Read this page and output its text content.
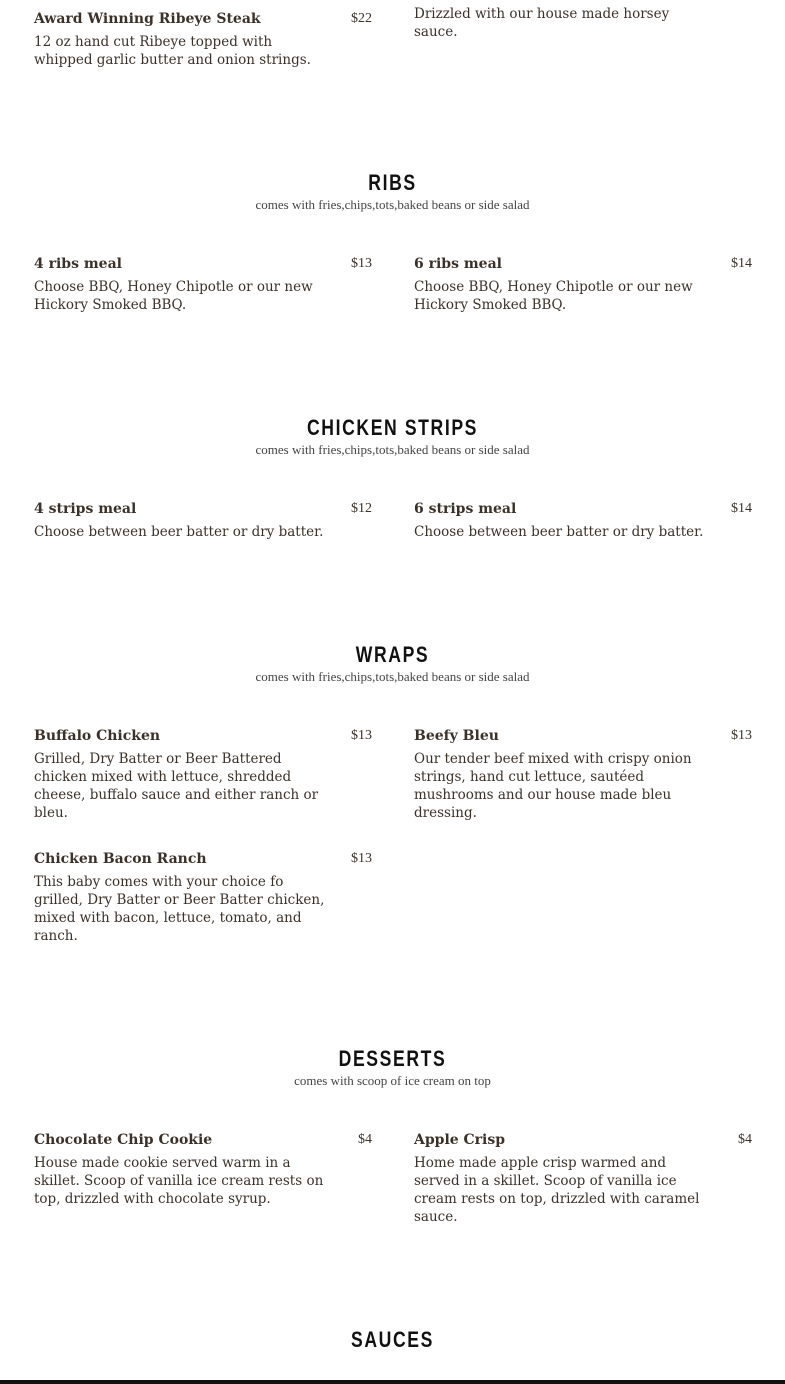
Award Winning Ribeye Steak	$22
12 oz hand cut Ribeye topped with whipped garlic butter and onion strings.
Drizzled with our house made horsey sauce.
RIBS

comes with fries,chips,tots,baked beans or side salad

4 ribs meal	$13
Choose BBQ, Honey Chipotle or our new Hickory Smoked BBQ.
6 ribs meal	$14
Choose BBQ, Honey Chipotle or our new Hickory Smoked BBQ.
CHICKEN STRIPS

comes with fries,chips,tots,baked beans or side salad

4 strips meal	$12
Choose between beer batter or dry batter.
6 strips meal	$14
Choose between beer batter or dry batter.
WRAPS

comes with fries,chips,tots,baked beans or side salad

Buffalo Chicken	$13
Grilled, Dry Batter or Beer Battered chicken mixed with lettuce, shredded cheese, buffalo sauce and either ranch or bleu.
Beefy Bleu	$13
Our tender beef mixed with crispy onion strings, hand cut lettuce, sautéed mushrooms and our house made bleu dressing.
Chicken Bacon Ranch	$13
This baby comes with your choice fo grilled, Dry Batter or Beer Batter chicken, mixed with bacon, lettuce, tomato, and ranch.
DESSERTS

comes with scoop of ice cream on top

Chocolate Chip Cookie	$4
House made cookie served warm in a skillet. Scoop of vanilla ice cream rests on top, drizzled with chocolate syrup.
Apple Crisp	$4
Home made apple crisp warmed and served in a skillet. Scoop of vanilla ice cream rests on top, drizzled with caramel sauce.
SAUCES
